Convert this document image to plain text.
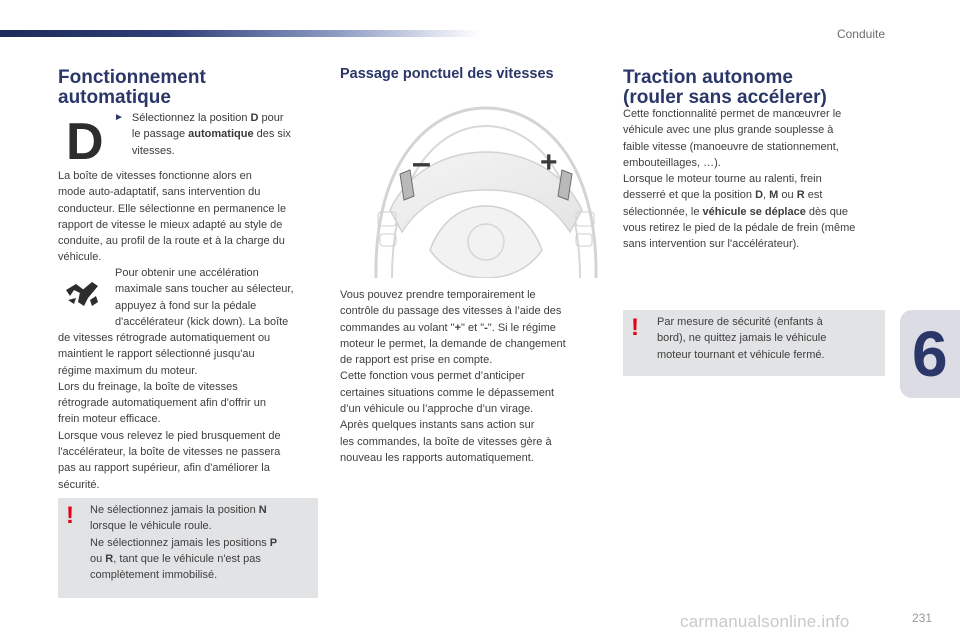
Conduite
6
Fonctionnement
automatique
D ► Sélectionnez la position D pour
le passage automatique des six
vitesses.

La boîte de vitesses fonctionne alors en
mode auto-adaptatif, sans intervention du
conducteur. Elle sélectionne en permanence le
rapport de vitesse le mieux adapté au style de
conduite, au profil de la route et à la charge du
véhicule.

Pour obtenir une accélération
maximale sans toucher au sélecteur,
appuyez à fond sur la pédale
d'accélérateur (kick down). La boîte

de vitesses rétrograde automatiquement ou
maintient le rapport sélectionné jusqu'au
régime maximum du moteur.
Lors du freinage, la boîte de vitesses
rétrograde automatiquement afin d'offrir un
frein moteur efficace.
Lorsque vous relevez le pied brusquement de
l'accélérateur, la boîte de vitesses ne passera
pas au rapport supérieur, afin d'améliorer la
sécurité.

! Ne sélectionnez jamais la position N
lorsque le véhicule roule.
Ne sélectionnez jamais les positions P
ou R, tant que le véhicule n'est pas
complètement immobilisé.

Passage ponctuel des vitesses
–	+

Vous pouvez prendre temporairement le
contrôle du passage des vitesses à l’aide des
commandes au volant "+" et "-". Si le régime
moteur le permet, la demande de changement
de rapport est prise en compte.
Cette fonction vous permet d’anticiper
certaines situations comme le dépassement
d’un véhicule ou l’approche d’un virage.
Après quelques instants sans action sur
les commandes, la boîte de vitesses gère à
nouveau les rapports automatiquement.

Traction autonome
(rouler sans accélerer)

Cette fonctionnalité permet de manœuvrer le
véhicule avec une plus grande souplesse à
faible vitesse (manoeuvre de stationnement,
embouteillages, …).
Lorsque le moteur tourne au ralenti, frein
desserré et que la position D, M ou R est
sélectionnée, le véhicule se déplace dès que
vous retirez le pied de la pédale de frein (même
sans intervention sur l'accélérateur).

! Par mesure de sécurité (enfants à
bord), ne quittez jamais le véhicule
moteur tournant et véhicule fermé.

carmanualsonline.info	231
